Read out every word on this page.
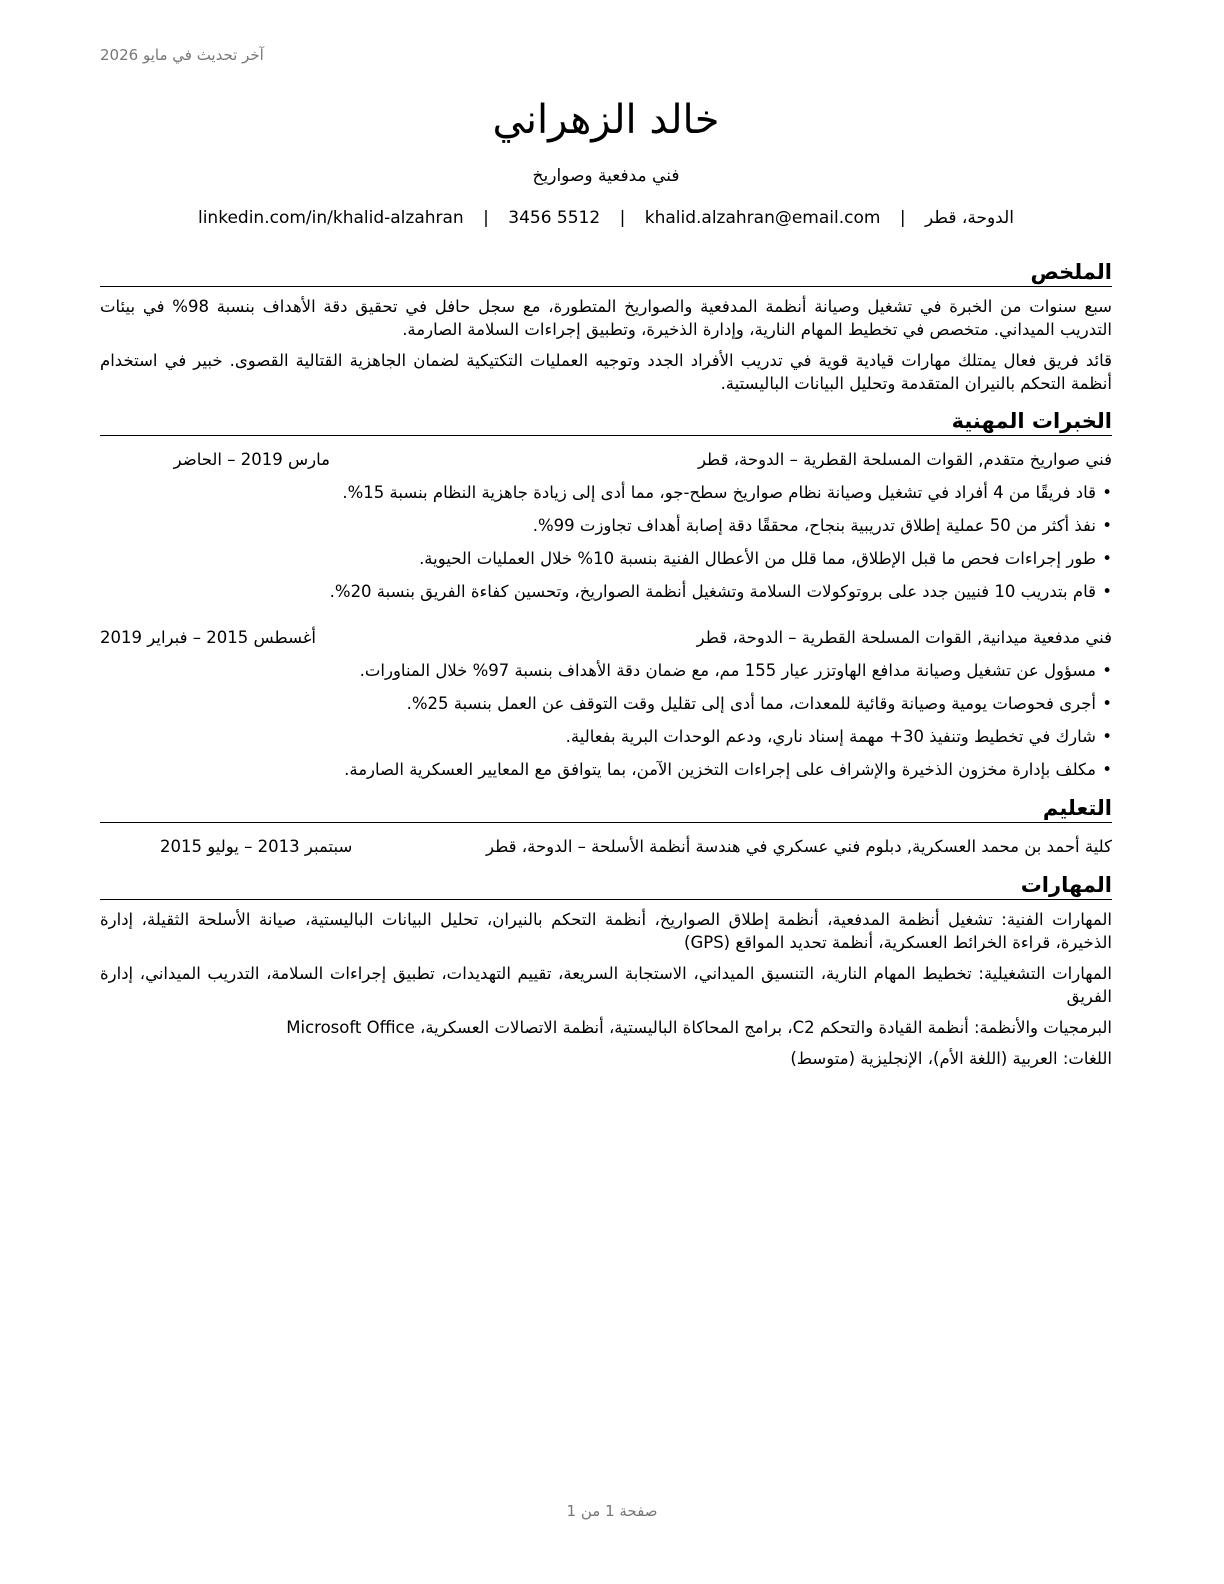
آخر تحديث في مايو 2026
خالد الزهراني
فني مدفعية وصواريخ
الدوحة، قطر | khalid.alzahran@email.com | 3456 5512 | linkedin.com/in/khalid-alzahran
الملخص

سبع سنوات من الخبرة في تشغيل وصيانة أنظمة المدفعية والصواريخ المتطورة، مع سجل حافل في تحقيق دقة الأهداف بنسبة 98% في بيئات التدريب الميداني. متخصص في تخطيط المهام النارية، وإدارة الذخيرة، وتطبيق إجراءات السلامة الصارمة.

قائد فريق فعال يمتلك مهارات قيادية قوية في تدريب الأفراد الجدد وتوجيه العمليات التكتيكية لضمان الجاهزية القتالية القصوى. خبير في استخدام أنظمة التحكم بالنيران المتقدمة وتحليل البيانات الباليستية.

الخبرات المهنية
فني صواريخ متقدم, القوات المسلحة القطرية – الدوحة، قطر
مارس 2019 – الحاضر
•
قاد فريقًا من 4 أفراد في تشغيل وصيانة نظام صواريخ سطح-جو، مما أدى إلى زيادة جاهزية النظام بنسبة 15%.
•
نفذ أكثر من 50 عملية إطلاق تدريبية بنجاح، محققًا دقة إصابة أهداف تجاوزت 99%.
•
طور إجراءات فحص ما قبل الإطلاق، مما قلل من الأعطال الفنية بنسبة 10% خلال العمليات الحيوية.
•
قام بتدريب 10 فنيين جدد على بروتوكولات السلامة وتشغيل أنظمة الصواريخ، وتحسين كفاءة الفريق بنسبة 20%.
فني مدفعية ميدانية, القوات المسلحة القطرية – الدوحة، قطر
أغسطس 2015 – فبراير 2019
•
مسؤول عن تشغيل وصيانة مدافع الهاوتزر عيار 155 مم، مع ضمان دقة الأهداف بنسبة 97% خلال المناورات.
•
أجرى فحوصات يومية وصيانة وقائية للمعدات، مما أدى إلى تقليل وقت التوقف عن العمل بنسبة 25%.
•
شارك في تخطيط وتنفيذ 30+ مهمة إسناد ناري، ودعم الوحدات البرية بفعالية.
•
مكلف بإدارة مخزون الذخيرة والإشراف على إجراءات التخزين الآمن، بما يتوافق مع المعايير العسكرية الصارمة.
التعليم
كلية أحمد بن محمد العسكرية, دبلوم فني عسكري في هندسة أنظمة الأسلحة – الدوحة، قطر
سبتمبر 2013 – يوليو 2015
المهارات

المهارات الفنية: تشغيل أنظمة المدفعية، أنظمة إطلاق الصواريخ، أنظمة التحكم بالنيران، تحليل البيانات الباليستية، صيانة الأسلحة الثقيلة، إدارة الذخيرة، قراءة الخرائط العسكرية، أنظمة تحديد المواقع (GPS)

المهارات التشغيلية: تخطيط المهام النارية، التنسيق الميداني، الاستجابة السريعة، تقييم التهديدات، تطبيق إجراءات السلامة، التدريب الميداني، إدارة الفريق

البرمجيات والأنظمة: أنظمة القيادة والتحكم C2، برامج المحاكاة الباليستية، أنظمة الاتصالات العسكرية، Microsoft Office

اللغات: العربية (اللغة الأم)، الإنجليزية (متوسط)

صفحة 1 من 1
